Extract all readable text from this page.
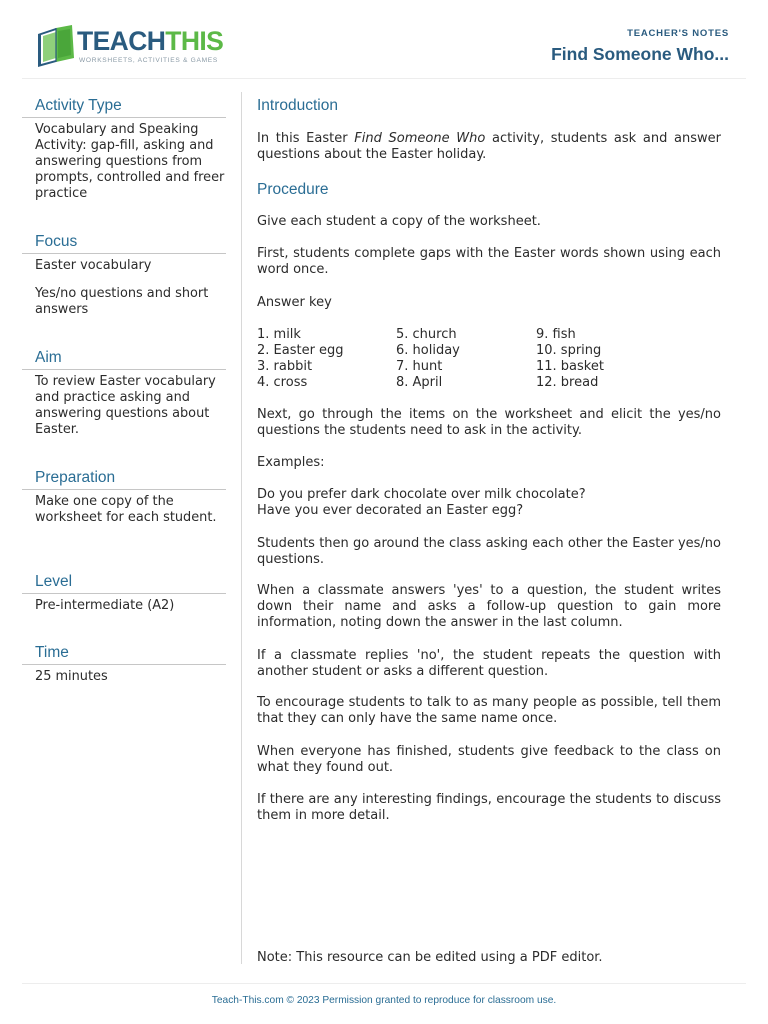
TEACHTHIS
WORKSHEETS, ACTIVITIES & GAMES
TEACHER'S NOTES
Find Someone Who...
Activity Type

Vocabulary and Speaking Activity: gap-fill, asking and answering questions from prompts, controlled and freer practice

Focus

Easter vocabulary

Yes/no questions and short answers

Aim

To review Easter vocabulary and practice asking and answering questions about Easter.

Preparation

Make one copy of the worksheet for each student.

Level

Pre-intermediate (A2)

Time

25 minutes

Introduction

In this Easter Find Someone Who activity, students ask and answer questions about the Easter holiday.

Procedure

Give each student a copy of the worksheet.

First, students complete gaps with the Easter words shown using each word once.

Answer key

1. milk
2. Easter egg
3. rabbit
4. cross
5. church
6. holiday
7. hunt
8. April
9. fish
10. spring
11. basket
12. bread

Next, go through the items on the worksheet and elicit the yes/no questions the students need to ask in the activity.

Examples:

Do you prefer dark chocolate over milk chocolate?

Have you ever decorated an Easter egg?

Students then go around the class asking each other the Easter yes/no questions.

When a classmate answers 'yes' to a question, the student writes down their name and asks a follow-up question to gain more information, noting down the answer in the last column.

If a classmate replies 'no', the student repeats the question with another student or asks a different question.

To encourage students to talk to as many people as possible, tell them that they can only have the same name once.

When everyone has finished, students give feedback to the class on what they found out.

If there are any interesting findings, encourage the students to discuss them in more detail.

Note: This resource can be edited using a PDF editor.

Teach-This.com © 2023 Permission granted to reproduce for classroom use.
